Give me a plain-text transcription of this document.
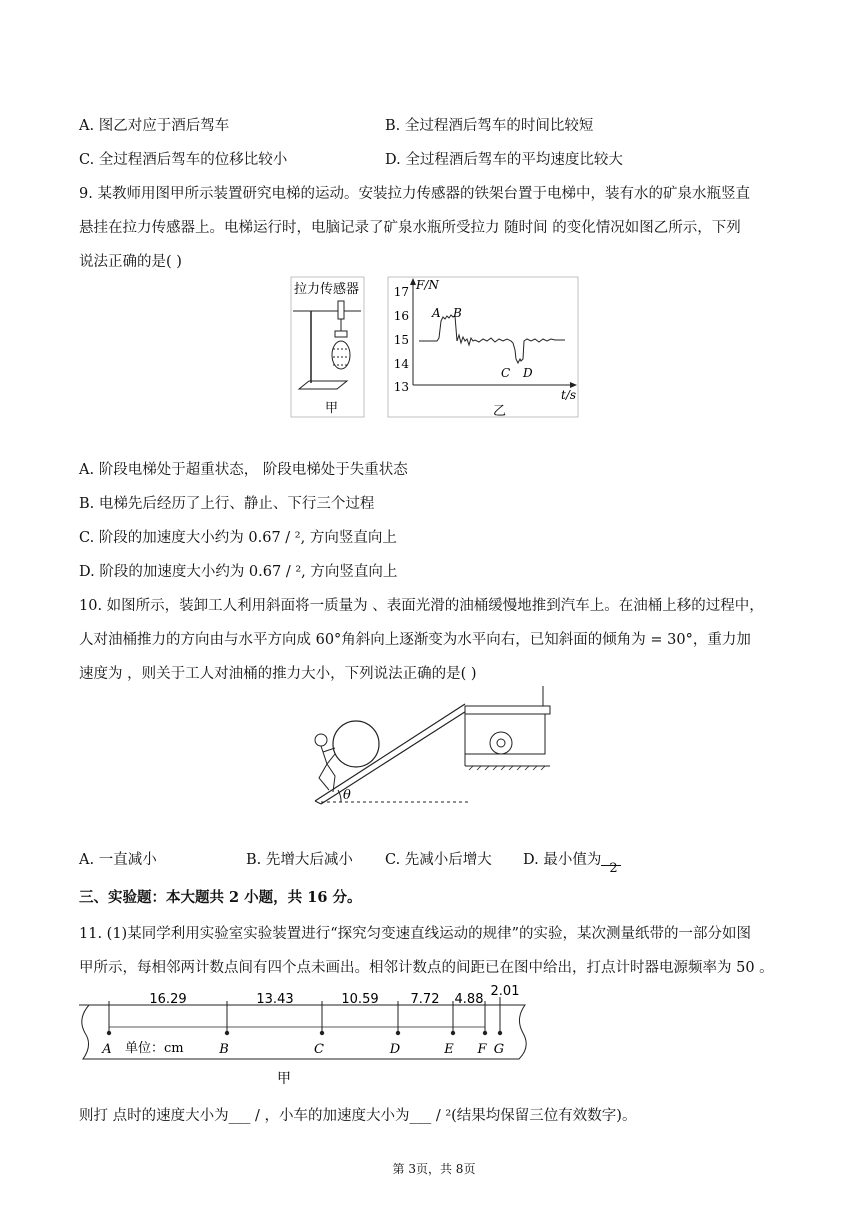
A. 图乙对应于酒后驾车	B. 全过程酒后驾车的时间比较短
C. 全过程酒后驾车的位移比较小	D. 全过程酒后驾车的平均速度比较大
9. 某教师用图甲所示装置研究电梯的运动。安装拉力传感器的铁架台置于电梯中，装有水的矿泉水瓶竖直
悬挂在拉力传感器上。电梯运行时，电脑记录了矿泉水瓶所受拉力 随时间 的变化情况如图乙所示，下列
说法正确的是( )
拉力传感器
甲
F/N
t/s
17
16
15
14
13
A B
C D
乙
A. 阶段电梯处于超重状态， 阶段电梯处于失重状态
B. 电梯先后经历了上行、静止、下行三个过程
C. 阶段的加速度大小约为 0.67 / ², 方向竖直向上
D. 阶段的加速度大小约为 0.67 / ², 方向竖直向上
10. 如图所示，装卸工人利用斜面将一质量为 、表面光滑的油桶缓慢地推到汽车上。在油桶上移的过程中，
人对油桶推力的方向由与水平方向成 60°角斜向上逐渐变为水平向右，已知斜面的倾角为 = 30°，重力加
速度为 ，则关于工人对油桶的推力大小，下列说法正确的是( )
θ
A. 一直减小	B. 先增大后减小 C. 先减小后增大 D. 最小值为2
三、实验题：本大题共 2 小题，共 16 分。
11. (1)某同学利用实验室实验装置进行“探究匀变速直线运动的规律”的实验，某次测量纸带的一部分如图
甲所示，每相邻两计数点间有四个点未画出。相邻计数点的间距已在图中给出，打点计时器电源频率为 50 。
16.29	13.43	10.59 7.72 4.88
2.01
A	B	C	D	E F G
单位：cm
甲
则打 点时的速度大小为___ / ，小车的加速度大小为___ / ²(结果均保留三位有效数字)。
第 3页，共 8页
